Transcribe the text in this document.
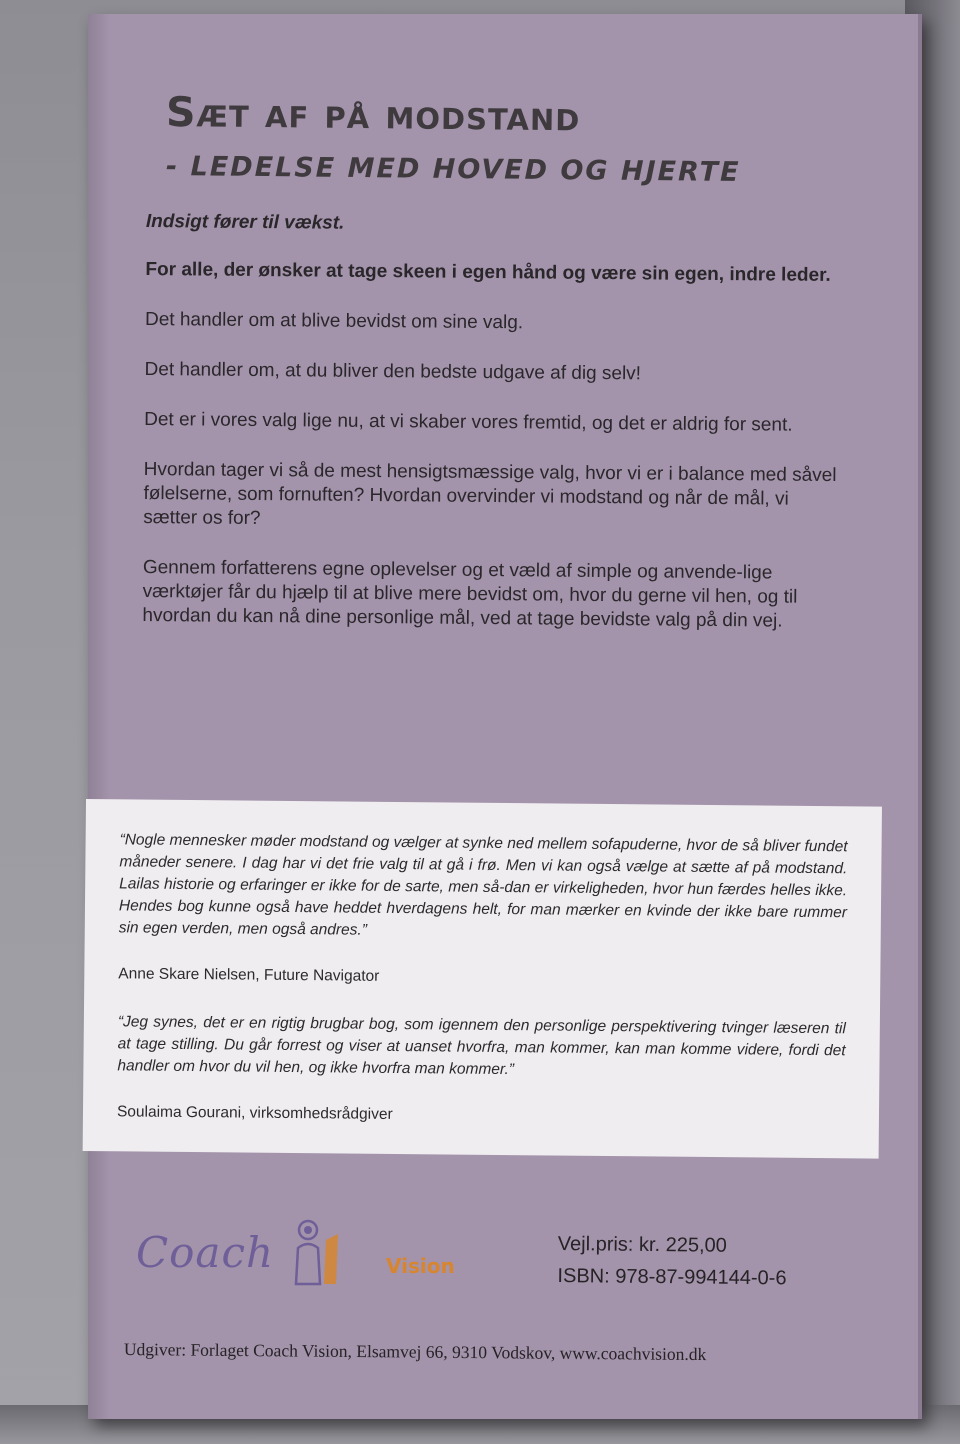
Sæt af på modstand
- LEDELSE MED HOVED OG HJERTE

Indsigt fører til vækst.

For alle, der ønsker at tage skeen i egen hånd og være sin egen, indre leder.

Det handler om at blive bevidst om sine valg.

Det handler om, at du bliver den bedste udgave af dig selv!

Det er i vores valg lige nu, at vi skaber vores fremtid, og det er aldrig for sent.

Hvordan tager vi så de mest hensigtsmæssige valg, hvor vi er i balance med såvel følelserne, som fornuften? Hvordan overvinder vi modstand og når de mål, vi sætter os for?

Gennem forfatterens egne oplevelser og et væld af simple og anvende-lige værktøjer får du hjælp til at blive mere bevidst om, hvor du gerne vil hen, og til hvordan du kan nå dine personlige mål, ved at tage bevidste valg på din vej.

“Nogle mennesker møder modstand og vælger at synke ned mellem sofapuderne, hvor de så bliver fundet måneder senere. I dag har vi det frie valg til at gå i frø. Men vi kan også vælge at sætte af på modstand. Lailas historie og erfaringer er ikke for de sarte, men så-dan er virkeligheden, hvor hun færdes helles ikke. Hendes bog kunne også have heddet hverdagens helt, for man mærker en kvinde der ikke bare rummer sin egen verden, men også andres.”

Anne Skare Nielsen, Future Navigator

“Jeg synes, det er en rigtig brugbar bog, som igennem den personlige perspektivering tvinger læseren til at tage stilling. Du går forrest og viser at uanset hvorfra, man kommer, kan man komme videre, fordi det handler om hvor du vil hen, og ikke hvorfra man kommer.”

Soulaima Gourani, virksomhedsrådgiver

Coach	Vision
Vejl.pris: kr. 225,00
ISBN: 978-87-994144-0-6
Udgiver: Forlaget Coach Vision, Elsamvej 66, 9310 Vodskov, www.coachvision.dk
